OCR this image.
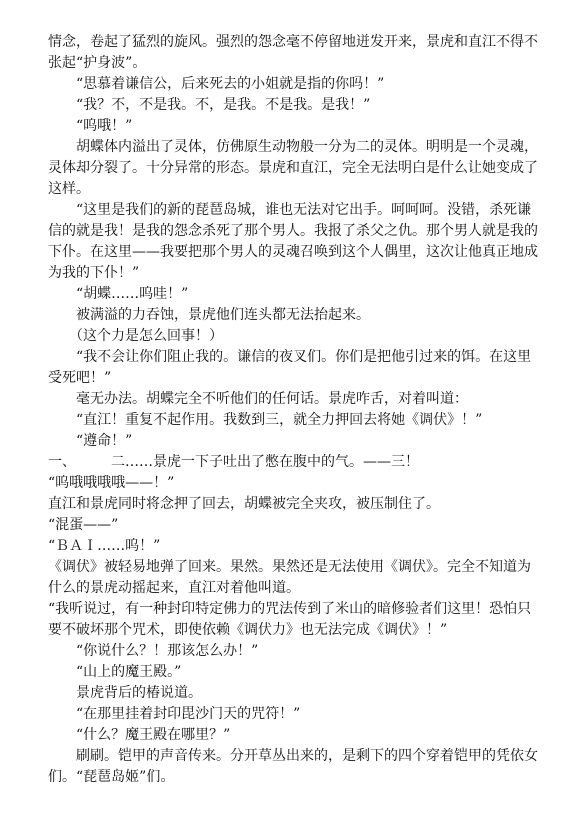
情念，卷起了猛烈的旋风。强烈的怨念毫不停留地迸发开来，景虎和直江不得不张起“护身波”。

　　“思慕着谦信公，后来死去的小姐就是指的你吗！”

　　“我？不，不是我。不，是我。不是我。是我！”

　　“呜哦！”

　　胡蝶体内溢出了灵体，仿佛原生动物般一分为二的灵体。明明是一个灵魂，灵体却分裂了。十分异常的形态。景虎和直江，完全无法明白是什么让她变成了这样。

　　“这里是我们的新的琵琶岛城，谁也无法对它出手。呵呵呵。没错，杀死谦信的就是我！是我的怨念杀死了那个男人。我报了杀父之仇。那个男人就是我的下仆。在这里——我要把那个男人的灵魂召唤到这个人偶里，这次让他真正地成为我的下仆！”

　　“胡蝶……呜哇！”

　　被满溢的力吞蚀，景虎他们连头都无法抬起来。

　　（这个力是怎么回事！）

　　“我不会让你们阻止我的。谦信的夜叉们。你们是把他引过来的饵。在这里受死吧！”

　　毫无办法。胡蝶完全不听他们的任何话。景虎咋舌，对着叫道：

　　“直江！重复不起作用。我数到三，就全力押回去将她《调伏》！”

　　“遵命！”

一、　　　二……景虎一下子吐出了憋在腹中的气。——三！

“呜哦哦哦哦——！”

直江和景虎同时将念押了回去，胡蝶被完全夹攻，被压制住了。

“混蛋——”

“ＢＡＩ……呜！”

《调伏》被轻易地弹了回来。果然。果然还是无法使用《调伏》。完全不知道为什么的景虎动摇起来，直江对着他叫道。

“我听说过，有一种封印特定佛力的咒法传到了米山的暗修验者们这里！恐怕只要不破坏那个咒术，即使依赖《调伏力》也无法完成《调伏》！”

　　“你说什么？！那该怎么办！”

　　“山上的魔王殿。”

　　景虎背后的椿说道。

　　“在那里挂着封印毘沙门天的咒符！”

　　“什么？魔王殿在哪里？”

　　刷刷。铠甲的声音传来。分开草丛出来的，是剩下的四个穿着铠甲的凭依女们。“琵琶岛姬”们。
